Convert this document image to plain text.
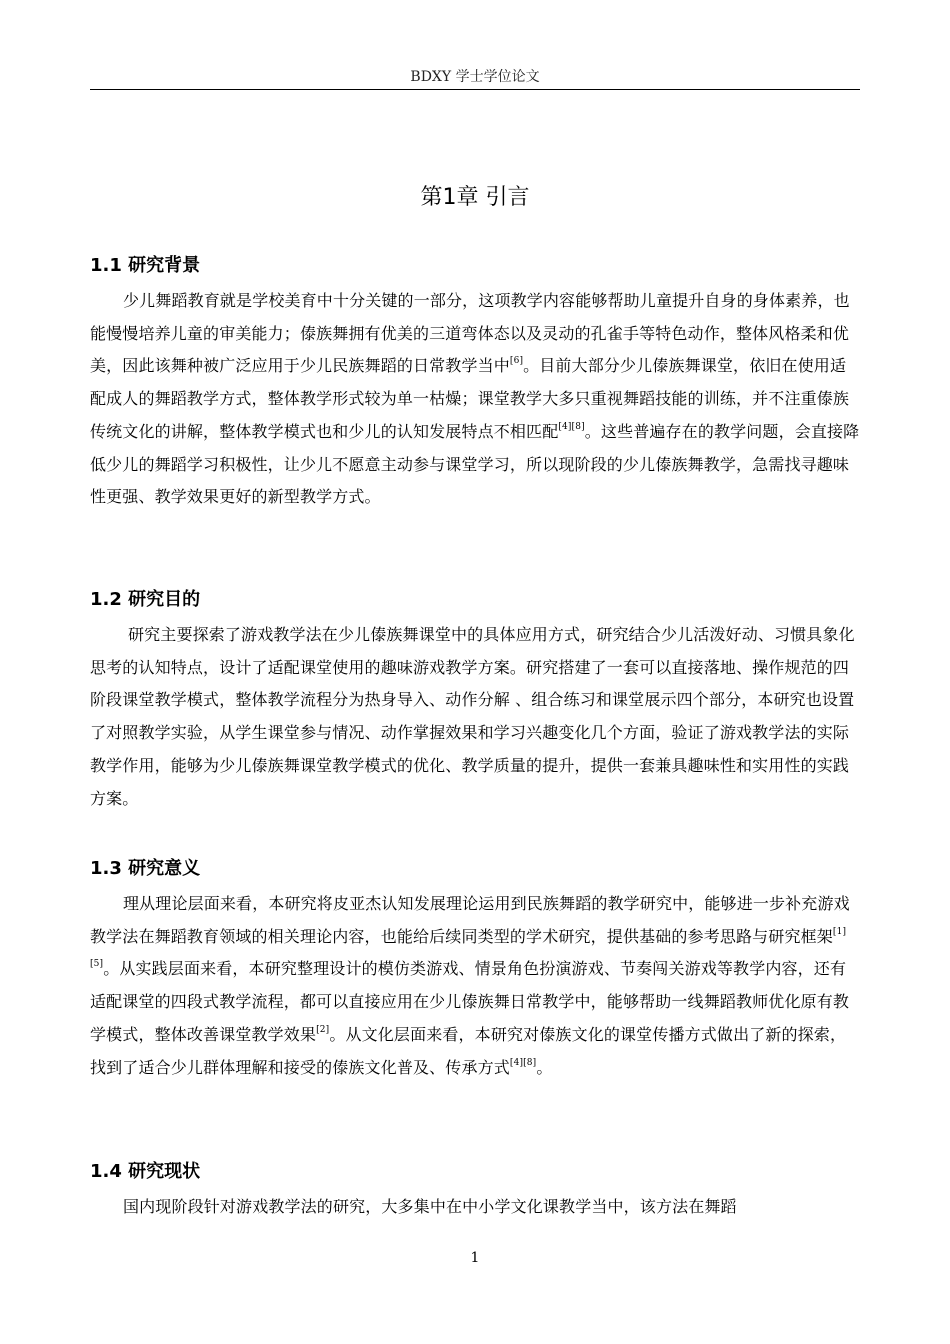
BDXY 学士学位论文
第1章 引言
1.1 研究背景

少儿舞蹈教育就是学校美育中十分关键的一部分，这项教学内容能够帮助儿童提升自身的身体素养，也能慢慢培养儿童的审美能力；傣族舞拥有优美的三道弯体态以及灵动的孔雀手等特色动作，整体风格柔和优美，因此该舞种被广泛应用于少儿民族舞蹈的日常教学当中[6]。目前大部分少儿傣族舞课堂，依旧在使用适配成人的舞蹈教学方式，整体教学形式较为单一枯燥；课堂教学大多只重视舞蹈技能的训练，并不注重傣族传统文化的讲解，整体教学模式也和少儿的认知发展特点不相匹配[4][8]。这些普遍存在的教学问题，会直接降低少儿的舞蹈学习积极性，让少儿不愿意主动参与课堂学习，所以现阶段的少儿傣族舞教学，急需找寻趣味性更强、教学效果更好的新型教学方式。

1.2 研究目的

研究主要探索了游戏教学法在少儿傣族舞课堂中的具体应用方式，研究结合少儿活泼好动、习惯具象化思考的认知特点，设计了适配课堂使用的趣味游戏教学方案。研究搭建了一套可以直接落地、操作规范的四阶段课堂教学模式，整体教学流程分为热身导入、动作分解 、组合练习和课堂展示四个部分，本研究也设置了对照教学实验，从学生课堂参与情况、动作掌握效果和学习兴趣变化几个方面，验证了游戏教学法的实际教学作用，能够为少儿傣族舞课堂教学模式的优化、教学质量的提升，提供一套兼具趣味性和实用性的实践方案。

1.3 研究意义

理从理论层面来看，本研究将皮亚杰认知发展理论运用到民族舞蹈的教学研究中，能够进一步补充游戏教学法在舞蹈教育领域的相关理论内容，也能给后续同类型的学术研究，提供基础的参考思路与研究框架[1][5]。从实践层面来看，本研究整理设计的模仿类游戏、情景角色扮演游戏、节奏闯关游戏等教学内容，还有适配课堂的四段式教学流程，都可以直接应用在少儿傣族舞日常教学中，能够帮助一线舞蹈教师优化原有教学模式，整体改善课堂教学效果[2]。从文化层面来看，本研究对傣族文化的课堂传播方式做出了新的探索，找到了适合少儿群体理解和接受的傣族文化普及、传承方式[4][8]。

1.4 研究现状

国内现阶段针对游戏教学法的研究，大多集中在中小学文化课教学当中，该方法在舞蹈

1
